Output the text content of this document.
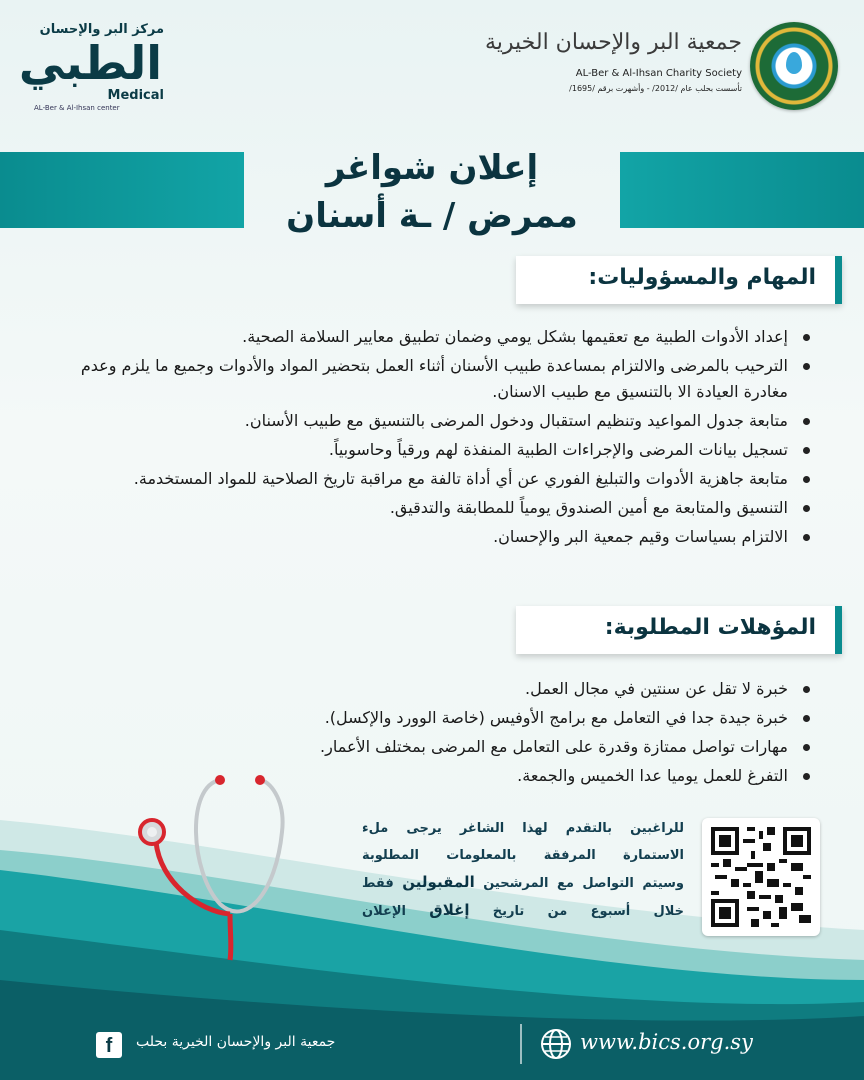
مركز البر والإحسان
الطبي
Medical
AL-Ber & Al-Ihsan center
جمعية البر والإحسان الخيرية
AL-Ber & Al-Ihsan Charity Society
تأسست بحلب عام /2012/ - وأشهرت برقم /1695/
إعلان شواغر
ممرض / ـة أسنان
المهام والمسؤوليات:
إعداد الأدوات الطبية مع تعقيمها بشكل يومي وضمان تطبيق معايير السلامة الصحية.
الترحيب بالمرضى والالتزام بمساعدة طبيب الأسنان أثناء العمل بتحضير المواد والأدوات وجميع ما يلزم وعدم مغادرة العيادة الا بالتنسيق مع طبيب الاسنان.
متابعة جدول المواعيد وتنظيم استقبال ودخول المرضى بالتنسيق مع طبيب الأسنان.
تسجيل بيانات المرضى والإجراءات الطبية المنفذة لهم ورقياً وحاسوبياً.
متابعة جاهزية الأدوات والتبليغ الفوري عن أي أداة تالفة مع مراقبة تاريخ الصلاحية للمواد المستخدمة.
التنسيق والمتابعة مع أمين الصندوق يومياً للمطابقة والتدقيق.
الالتزام بسياسات وقيم جمعية البر والإحسان.
المؤهلات المطلوبة:
خبرة لا تقل عن سنتين في مجال العمل.
خبرة جيدة جدا في التعامل مع برامج الأوفيس (خاصة الوورد والإكسل).
مهارات تواصل ممتازة وقدرة على التعامل مع المرضى بمختلف الأعمار.
التفرغ للعمل يوميا عدا الخميس والجمعة.

للراغبين بالتقدم لهذا الشاغر يرجى ملء

الاستمارة المرفقة بالمعلومات المطلوبة

وسيتم التواصل مع المرشحين المقبولين فقط

خلال أسبوع من تاريخ إغلاق الإعلان

www.bics.org.sy
جمعية البر والإحسان الخيرية بحلب
f
